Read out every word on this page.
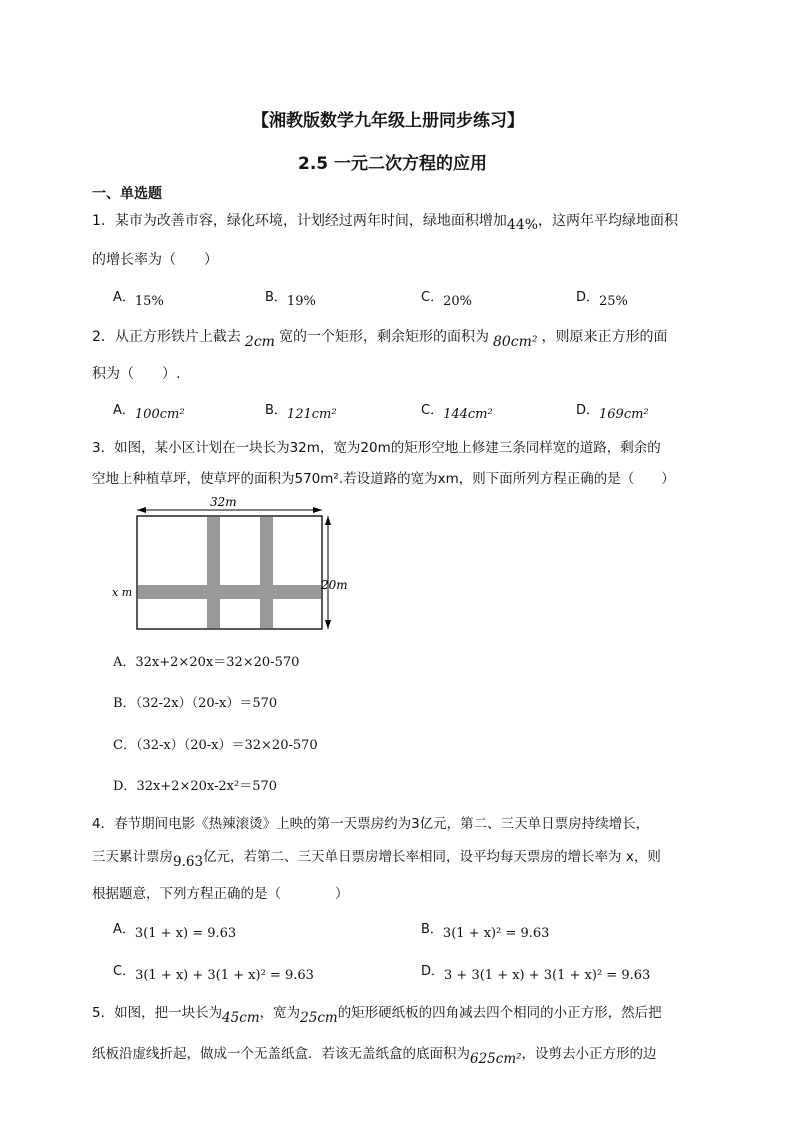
【湘教版数学九年级上册同步练习】
2.5 一元二次方程的应用
一、单选题
1．某市为改善市容，绿化环境，计划经过两年时间，绿地面积增加44%，这两年平均绿地面积
的增长率为（　　）
A．15%	B．19%	C．20%	D．25%
2．从正方形铁片上截去 2cm 宽的一个矩形，剩余矩形的面积为 80cm² ，则原来正方形的面
积为（　　）.
A．100cm²	B．121cm²	C．144cm²	D．169cm²
3．如图，某小区计划在一块长为32m，宽为20m的矩形空地上修建三条同样宽的道路，剩余的
空地上种植草坪，使草坪的面积为570m².若设道路的宽为xm，则下面所列方程正确的是（　　）
32m
20m
x m
A．32x+2×20x＝32×20-570
B．（32-2x）（20-x）＝570
C．（32-x）（20-x）＝32×20-570
D．32x+2×20x-2x²＝570
4．春节期间电影《热辣滚烫》上映的第一天票房约为3亿元，第二、三天单日票房持续增长，
三天累计票房9.63亿元，若第二、三天单日票房增长率相同，设平均每天票房的增长率为 x，则
根据题意，下列方程正确的是（　　　　）
A．3(1 + x) = 9.63	B．3(1 + x)² = 9.63
C．3(1 + x) + 3(1 + x)² = 9.63	D．3 + 3(1 + x) + 3(1 + x)² = 9.63
5．如图，把一块长为45cm，宽为25cm的矩形硬纸板的四角减去四个相同的小正方形，然后把
纸板沿虚线折起，做成一个无盖纸盒．若该无盖纸盒的底面积为625cm²，设剪去小正方形的边
